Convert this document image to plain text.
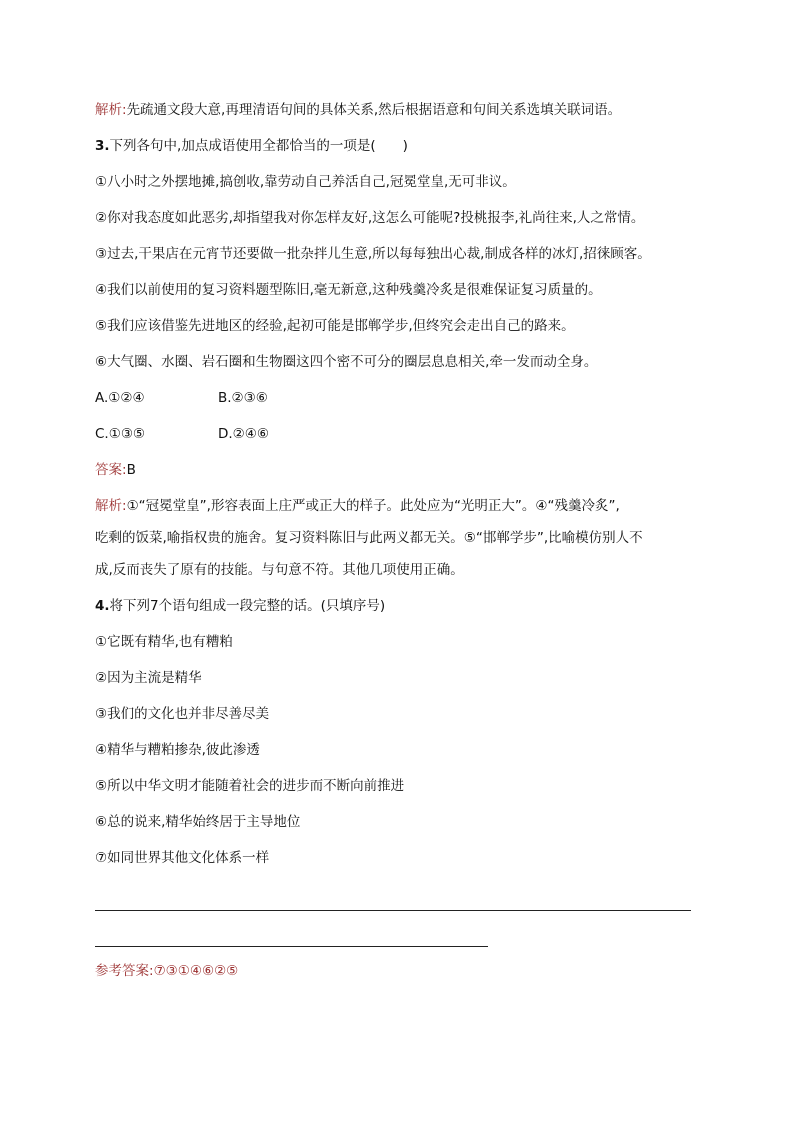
解析:先疏通文段大意,再理清语句间的具体关系,然后根据语意和句间关系选填关联词语。

3.下列各句中,加点成语使用全都恰当的一项是(　　)

①八小时之外摆地摊,搞创收,靠劳动自己养活自己,冠冕堂皇,无可非议。

②你对我态度如此恶劣,却指望我对你怎样友好,这怎么可能呢?投桃报李,礼尚往来,人之常情。

③过去,干果店在元宵节还要做一批杂拌儿生意,所以每每独出心裁,制成各样的冰灯,招徕顾客。

④我们以前使用的复习资料题型陈旧,毫无新意,这种残羹冷炙是很难保证复习质量的。

⑤我们应该借鉴先进地区的经验,起初可能是邯郸学步,但终究会走出自己的路来。

⑥大气圈、水圈、岩石圈和生物圈这四个密不可分的圈层息息相关,牵一发而动全身。

A.①②④	B.②③⑥

C.①③⑤	D.②④⑥

答案:B

解析:①“冠冕堂皇”,形容表面上庄严或正大的样子。此处应为“光明正大”。④“残羹冷炙”,

吃剩的饭菜,喻指权贵的施舍。复习资料陈旧与此两义都无关。⑤“邯郸学步”,比喻模仿别人不

成,反而丧失了原有的技能。与句意不符。其他几项使用正确。

4.将下列7个语句组成一段完整的话。(只填序号)

①它既有精华,也有糟粕

②因为主流是精华

③我们的文化也并非尽善尽美

④精华与糟粕掺杂,彼此渗透

⑤所以中华文明才能随着社会的进步而不断向前推进

⑥总的说来,精华始终居于主导地位

⑦如同世界其他文化体系一样

参考答案:⑦③①④⑥②⑤
